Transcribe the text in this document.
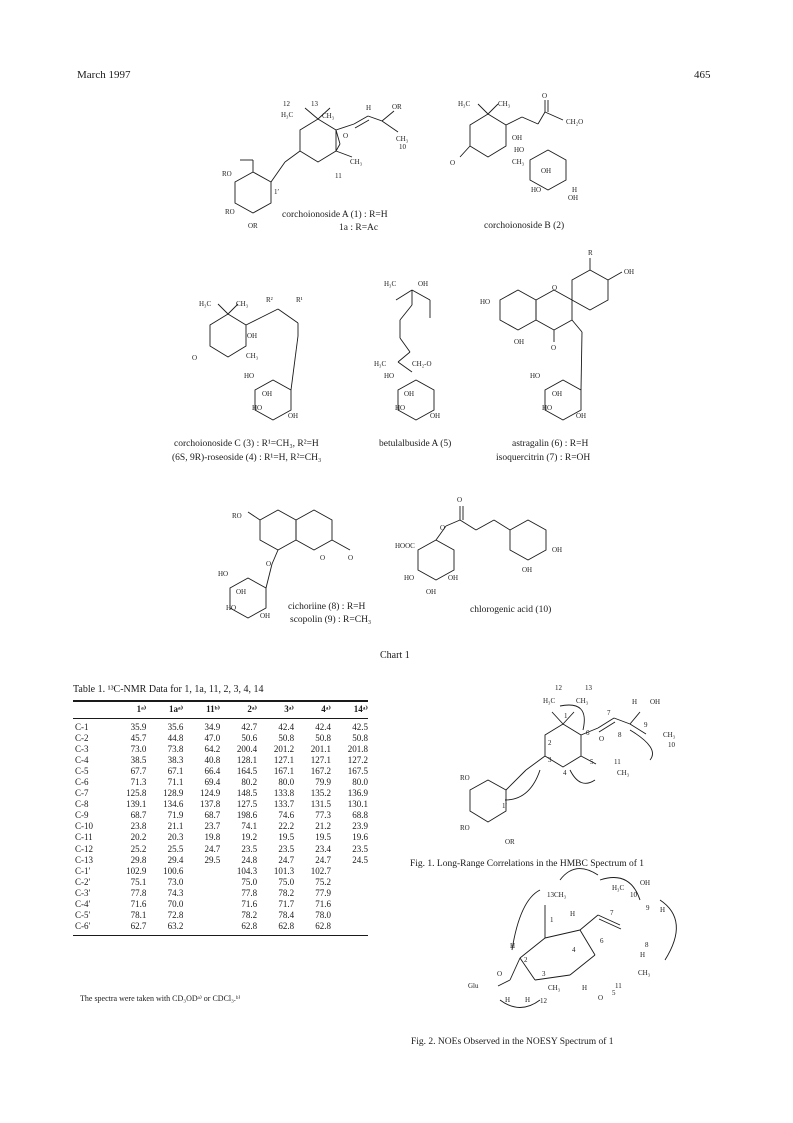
March 1997	465
12	13
H₃C	CH₃
H	OR
CH₃
10
O
CH₃
11
RO
RO
OR
1′
corchoionoside A (1) : R=H
1a : R=Ac
H₃C	CH₃
O
CH₂O
OH
O	CH₃
HO
OH
HO	H
OH
corchoionoside B (2)
H₃C	CH₃	R²	R¹
OH
CH₃
O
HO
OH
HO
OH
corchoionoside C (3) : R¹=CH₃, R²=H
(6S, 9R)-roseoside (4) : R¹=H, R²=CH₃
H₃C	OH
H₃C	CH₂-O
HO
OH
HO
OH
betulalbuside A (5)
R
OH
HO
O
OH
O
HO
OH
HO
OH
astragalin (6) : R=H
isoquercitrin (7) : R=OH
RO
O
O
O
HO
OH
HO
OH
cichoriine (8) : R=H
scopolin (9) : R=CH₃
O
O
HOOC
HO
OH
OH
OH
OH
chlorogenic acid (10)
12	13
H₃C	CH₃	H OH
CH₃
10
O
CH₃
RO
RO
OR
1
2
3
4
5
6
7
8
9
11
1′
13CH₃
H₃C
OH
10
9 H
7
8
H
6
CH₃
11
1
H
H
2
3
4
CH₃
12
H
O
5
Glu
O
H H
Chart 1
Table 1. ¹³C-NMR Data for 1, 1a, 11, 2, 3, 4, 14
	1ᵃ⁾	1aᵃ⁾	11ᵇ⁾	2ᵃ⁾	3ᵃ⁾	4ᵃ⁾	14ᵃ⁾
C-1	35.9	35.6	34.9	42.7	42.4	42.4	42.5
C-2	45.7	44.8	47.0	50.6	50.8	50.8	50.8
C-3	73.0	73.8	64.2	200.4	201.2	201.1	201.8
C-4	38.5	38.3	40.8	128.1	127.1	127.1	127.2
C-5	67.7	67.1	66.4	164.5	167.1	167.2	167.5
C-6	71.3	71.1	69.4	80.2	80.0	79.9	80.0
C-7	125.8	128.9	124.9	148.5	133.8	135.2	136.9
C-8	139.1	134.6	137.8	127.5	133.7	131.5	130.1
C-9	68.7	71.9	68.7	198.6	74.6	77.3	68.8
C-10	23.8	21.1	23.7	74.1	22.2	21.2	23.9
C-11	20.2	20.3	19.8	19.2	19.5	19.5	19.6
C-12	25.2	25.5	24.7	23.5	23.5	23.4	23.5
C-13	29.8	29.4	29.5	24.8	24.7	24.7	24.5
C-1′	102.9	100.6		104.3	101.3	102.7	
C-2′	75.1	73.0		75.0	75.0	75.2	
C-3′	77.8	74.3		77.8	78.2	77.9	
C-4′	71.6	70.0		71.6	71.7	71.6	
C-5′	78.1	72.8		78.2	78.4	78.0	
C-6′	62.7	63.2		62.8	62.8	62.8	
The spectra were taken with CD₃ODᵃ⁾ or CDCl₃.ᵇ⁾
Fig. 1. Long-Range Correlations in the HMBC Spectrum of 1
Fig. 2. NOEs Observed in the NOESY Spectrum of 1
